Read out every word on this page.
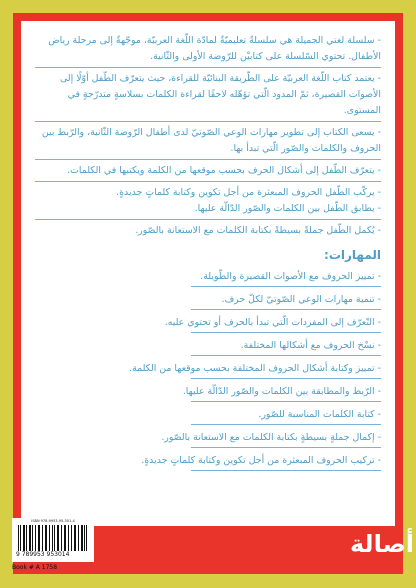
- سلسلة لغتي الجميلة هي سلسلةٌ تعليميّةٌ لمادّة اللّغة العربيّة، موجّهةٌ إلى مرحلة رياض الأطفال. تحتوي السّلسلة على كتابيْن للرّوضة الأولى والثّانية.

- يعتمد كتاب اللّغة العربيّة على الطّريقة البنائيّة للقراءة، حيث يتعرّف الطّفل أوّلًا إلى الأصوات القصيرة، ثمّ المدود الّتي تؤهّله لاحقًا لقراءة الكلمات بسلاسةٍ متدرّجةٍ في المستوى.

- يسعى الكتاب إلى تطوير مهارات الوعي الصّوتيّ لدى أطفال الرّوضة الثّانية، والرّبط بين الحروف والكلمات والصّور الّتي تبدأ بها.

- يتعرّف الطّفل إلى أشكال الحرف بحسب موقعها من الكلمة ويكتبها في الكلمات.

- يركّب الطّفل الحروف المبعثرة من أجل تكوين وكتابة كلماتٍ جديدةٍ.

- يطابق الطّفل بين الكلمات والصّور الدّالّة عليها.

- يُكمل الطّفل جملةً بسيطةً بكتابة الكلمات مع الاستعانة بالصّور.

المهارات:
- تمييز الحروف مع الأصوات القصيرة والطّويلة.
- تنمية مهارات الوعي الصّوتيّ لكلّ حرف.
- التّعرّف إلى المفردات الّتي تبدأ بالحرف أو تحتوي عليه.
- نسْخ الحروف مع أشكالها المختلفة.
- تمييز وكتابة أشكال الحروف المختلفة بحسب موقعها من الكلمة.
- الرّبط والمطابقة بين الكلمات والصّور الدّالّة عليها.
- كتابة الكلمات المناسبة للصّور.
- إكمال جملةٍ بسيطةٍ بكتابة الكلمات مع الاستعانة بالصّور.
- تركيب الحروف المبعثرة من أجل تكوين وكتابة كلماتٍ جديدةٍ.
ISBN 978-9953-95-301-4
9 789953 953014
Book # A 1758
أصالة
